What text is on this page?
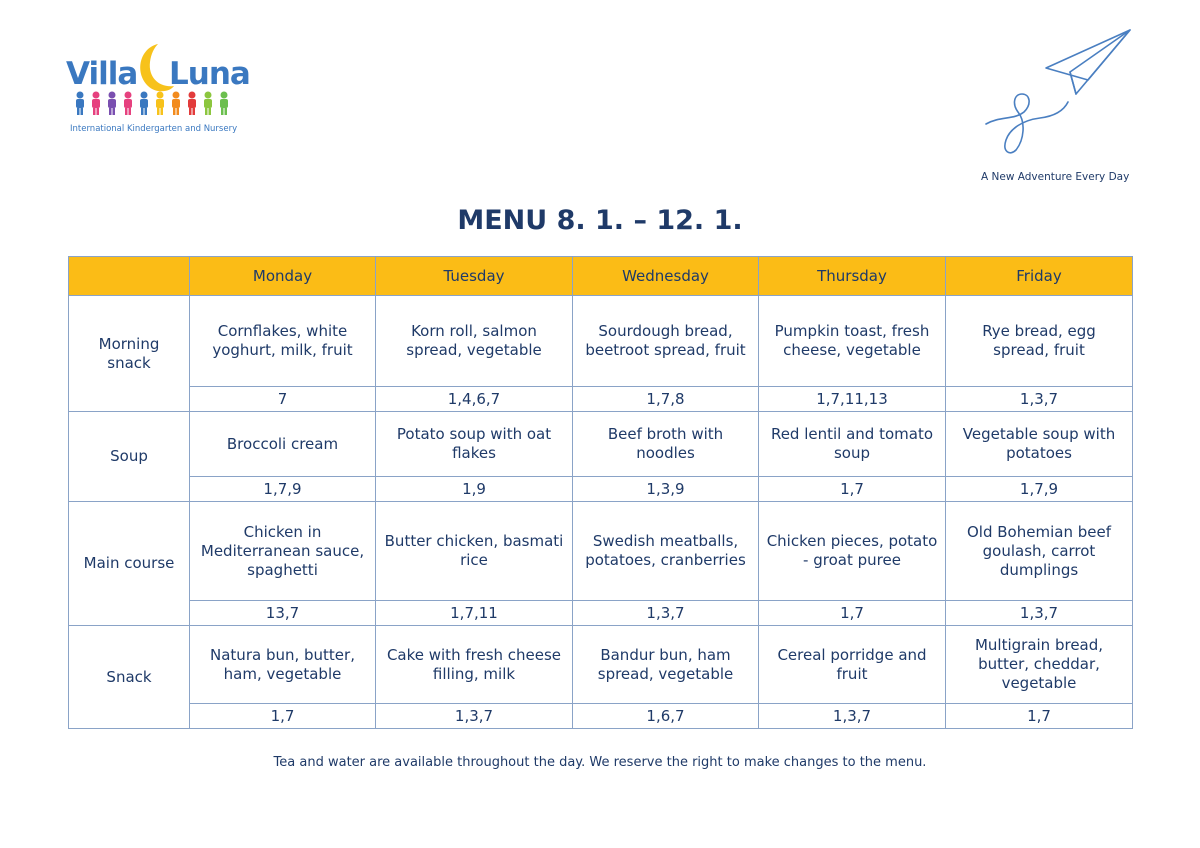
Villa Luna
International Kindergarten and Nursery
A New Adventure Every Day
MENU 8. 1. – 12. 1.
	Monday	Tuesday	Wednesday	Thursday	Friday
Morning snack	Cornflakes, white yoghurt, milk, fruit	Korn roll, salmon spread, vegetable	Sourdough bread, beetroot spread, fruit	Pumpkin toast, fresh cheese, vegetable	Rye bread, egg spread, fruit
	7	1,4,6,7	1,7,8	1,7,11,13	1,3,7
Soup	Broccoli cream	Potato soup with oat flakes	Beef broth with noodles	Red lentil and tomato soup	Vegetable soup with potatoes
	1,7,9	1,9	1,3,9	1,7	1,7,9
Main course	Chicken in Mediterranean sauce, spaghetti	Butter chicken, basmati rice	Swedish meatballs, potatoes, cranberries	Chicken pieces, potato - groat puree	Old Bohemian beef goulash, carrot dumplings
	13,7	1,7,11	1,3,7	1,7	1,3,7
Snack	Natura bun, butter, ham, vegetable	Cake with fresh cheese filling, milk	Bandur bun, ham spread, vegetable	Cereal porridge and fruit	Multigrain bread, butter, cheddar, vegetable
	1,7	1,3,7	1,6,7	1,3,7	1,7

Tea and water are available throughout the day. We reserve the right to make changes to the menu.
